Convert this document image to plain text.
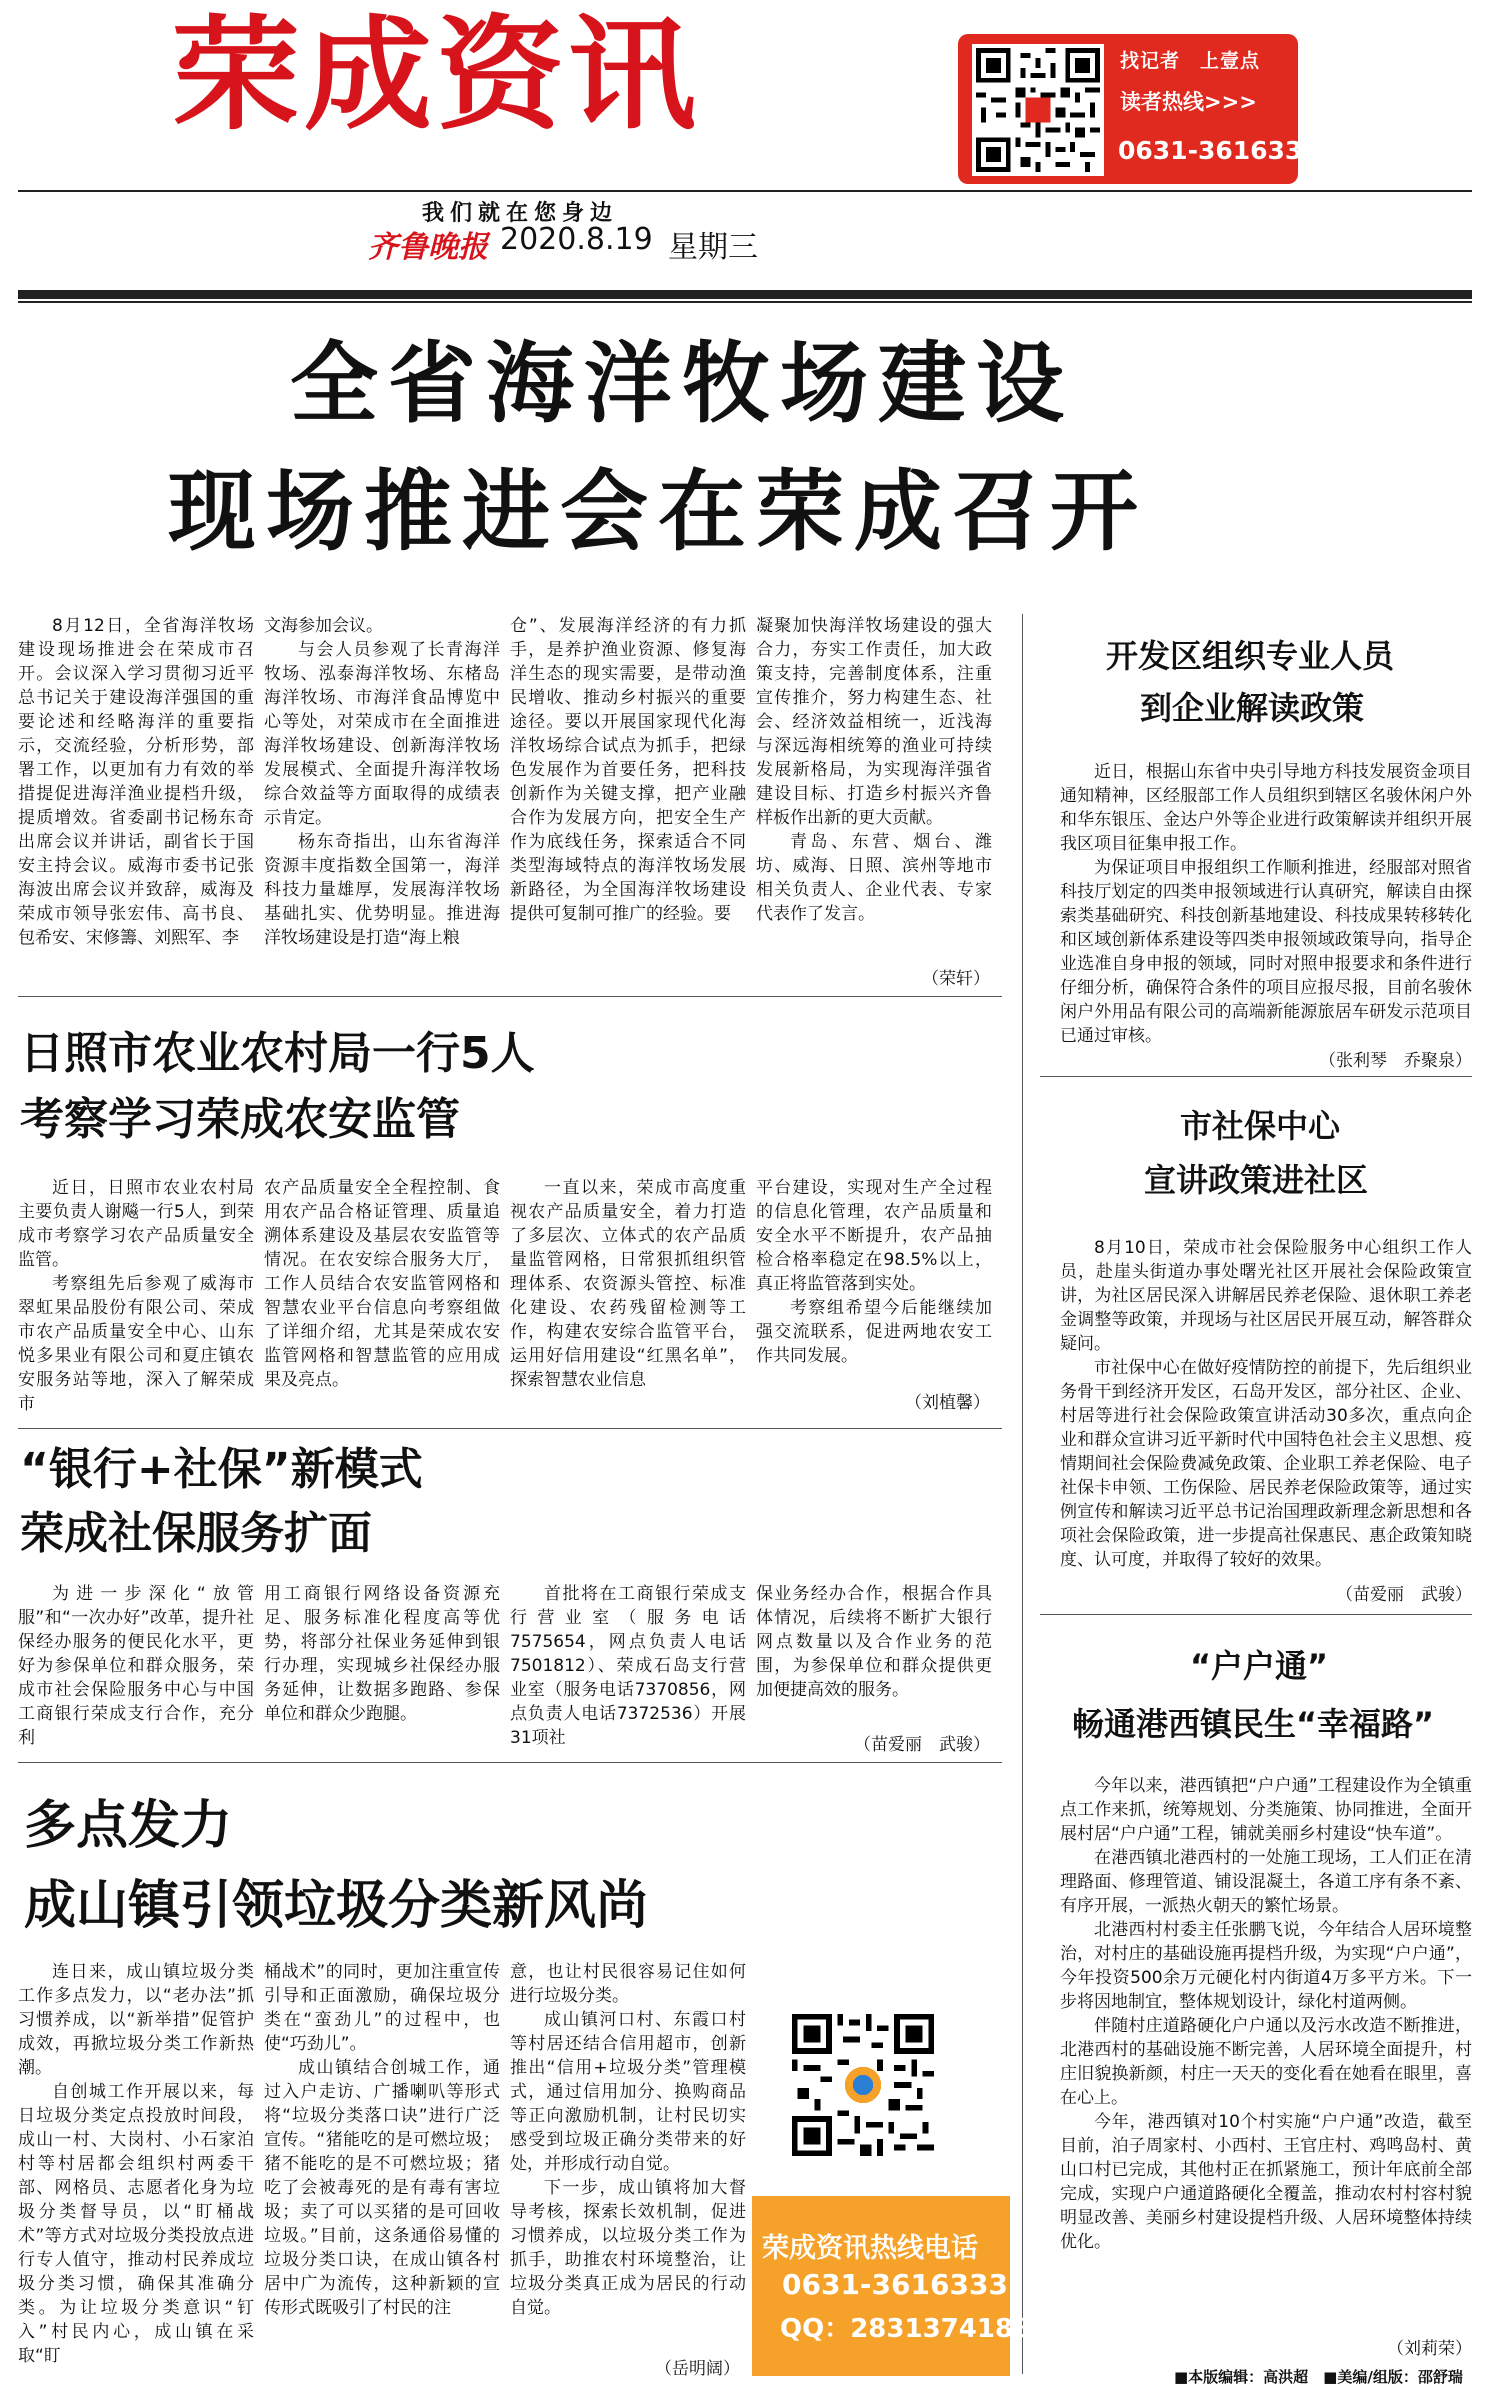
荣成资讯
我们就在您身边
齐鲁晚报 2020.8.19 星期三
找记者　上壹点
读者热线>>>
0631-3616333
全省海洋牧场建设
现场推进会在荣成召开

8月12日，全省海洋牧场建设现场推进会在荣成市召开。会议深入学习贯彻习近平总书记关于建设海洋强国的重要论述和经略海洋的重要指示，交流经验，分析形势，部署工作，以更加有力有效的举措提促进海洋渔业提档升级，提质增效。省委副书记杨东奇出席会议并讲话，副省长于国安主持会议。威海市委书记张海波出席会议并致辞，威海及荣成市领导张宏伟、高书良、包希安、宋修籌、刘熙军、李

文海参加会议。

与会人员参观了长青海洋牧场、泓泰海洋牧场、东楮岛海洋牧场、市海洋食品博览中心等处，对荣成市在全面推进海洋牧场建设、创新海洋牧场发展模式、全面提升海洋牧场综合效益等方面取得的成绩表示肯定。

杨东奇指出，山东省海洋资源丰度指数全国第一，海洋科技力量雄厚，发展海洋牧场基础扎实、优势明显。推进海洋牧场建设是打造“海上粮

仓”、发展海洋经济的有力抓手，是养护渔业资源、修复海洋生态的现实需要，是带动渔民增收、推动乡村振兴的重要途径。要以开展国家现代化海洋牧场综合试点为抓手，把绿色发展作为首要任务，把科技创新作为关键支撑，把产业融合作为发展方向，把安全生产作为底线任务，探索适合不同类型海域特点的海洋牧场发展新路径，为全国海洋牧场建设提供可复制可推广的经验。要

凝聚加快海洋牧场建设的强大合力，夯实工作责任，加大政策支持，完善制度体系，注重宣传推介，努力构建生态、社会、经济效益相统一，近浅海与深远海相统筹的渔业可持续发展新格局，为实现海洋强省建设目标、打造乡村振兴齐鲁样板作出新的更大贡献。

青岛、东营、烟台、潍坊、威海、日照、滨州等地市相关负责人、企业代表、专家代表作了发言。

（荣轩）
日照市农业农村局一行5人
考察学习荣成农安监管

近日，日照市农业农村局主要负责人谢飚一行5人，到荣成市考察学习农产品质量安全监管。

考察组先后参观了威海市翠虹果品股份有限公司、荣成市农产品质量安全中心、山东悦多果业有限公司和夏庄镇农安服务站等地，深入了解荣成市

农产品质量安全全程控制、食用农产品合格证管理、质量追溯体系建设及基层农安监管等情况。在农安综合服务大厅，工作人员结合农安监管网格和智慧农业平台信息向考察组做了详细介绍，尤其是荣成农安监管网格和智慧监管的应用成果及亮点。

一直以来，荣成市高度重视农产品质量安全，着力打造了多层次、立体式的农产品质量监管网格，日常狠抓组织管理体系、农资源头管控、标准化建设、农药残留检测等工作，构建农安综合监管平台，运用好信用建设“红黑名单”，探索智慧农业信息

平台建设，实现对生产全过程的信息化管理，农产品质量和安全水平不断提升，农产品抽检合格率稳定在98.5%以上，真正将监管落到实处。

考察组希望今后能继续加强交流联系，促进两地农安工作共同发展。

（刘植馨）
“银行+社保”新模式
荣成社保服务扩面

为进一步深化“放管服”和“一次办好”改革，提升社保经办服务的便民化水平，更好为参保单位和群众服务，荣成市社会保险服务中心与中国工商银行荣成支行合作，充分利

用工商银行网络设备资源充足、服务标准化程度高等优势，将部分社保业务延伸到银行办理，实现城乡社保经办服务延伸，让数据多跑路、参保单位和群众少跑腿。

首批将在工商银行荣成支行营业室（服务电话7575654，网点负责人电话7501812）、荣成石岛支行营业室（服务电话7370856，网点负责人电话7372536）开展31项社

保业务经办合作，根据合作具体情况，后续将不断扩大银行网点数量以及合作业务的范围，为参保单位和群众提供更加便捷高效的服务。

（苗爱丽　武骏）
多点发力
成山镇引领垃圾分类新风尚

连日来，成山镇垃圾分类工作多点发力，以“老办法”抓习惯养成，以“新举措”促管护成效，再掀垃圾分类工作新热潮。

自创城工作开展以来，每日垃圾分类定点投放时间段，成山一村、大岗村、小石家泊村等村居都会组织村两委干部、网格员、志愿者化身为垃圾分类督导员，以“盯桶战术”等方式对垃圾分类投放点进行专人值守，推动村民养成垃圾分类习惯，确保其准确分类。为让垃圾分类意识“钉入”村民内心，成山镇在采取“盯

桶战术”的同时，更加注重宣传引导和正面激励，确保垃圾分类在“蛮劲儿”的过程中，也使“巧劲儿”。

成山镇结合创城工作，通过入户走访、广播喇叭等形式将“垃圾分类落口诀”进行广泛宣传。“猪能吃的是可燃垃圾；猪不能吃的是不可燃垃圾；猪吃了会被毒死的是有毒有害垃圾；卖了可以买猪的是可回收垃圾。”目前，这条通俗易懂的垃圾分类口诀，在成山镇各村居中广为流传，这种新颖的宣传形式既吸引了村民的注

意，也让村民很容易记住如何进行垃圾分类。

成山镇河口村、东霞口村等村居还结合信用超市，创新推出“信用+垃圾分类”管理模式，通过信用加分、换购商品等正向激励机制，让村民切实感受到垃圾正确分类带来的好处，并形成行动自觉。

下一步，成山镇将加大督导考核，探索长效机制，促进习惯养成，以垃圾分类工作为抓手，助推农村环境整治，让垃圾分类真正成为居民的行动自觉。

（岳明阔）
荣成资讯热线电话
0631-3616333
QQ：2831374188
开发区组织专业人员
到企业解读政策

近日，根据山东省中央引导地方科技发展资金项目通知精神，区经服部工作人员组织到辖区名骏休闲户外和华东银压、金达户外等企业进行政策解读并组织开展我区项目征集申报工作。

为保证项目申报组织工作顺利推进，经服部对照省科技厅划定的四类申报领域进行认真研究，解读自由探索类基础研究、科技创新基地建设、科技成果转移转化和区域创新体系建设等四类申报领域政策导向，指导企业选准自身申报的领域，同时对照申报要求和条件进行仔细分析，确保符合条件的项目应报尽报，目前名骏休闲户外用品有限公司的高端新能源旅居车研发示范项目已通过审核。

（张利琴　乔聚泉）
市社保中心
宣讲政策进社区

8月10日，荣成市社会保险服务中心组织工作人员，赴崖头街道办事处曙光社区开展社会保险政策宣讲，为社区居民深入讲解居民养老保险、退休职工养老金调整等政策，并现场与社区居民开展互动，解答群众疑问。

市社保中心在做好疫情防控的前提下，先后组织业务骨干到经济开发区，石岛开发区，部分社区、企业、村居等进行社会保险政策宣讲活动30多次，重点向企业和群众宣讲习近平新时代中国特色社会主义思想、疫情期间社会保险费减免政策、企业职工养老保险、电子社保卡申领、工伤保险、居民养老保险政策等，通过实例宣传和解读习近平总书记治国理政新理念新思想和各项社会保险政策，进一步提高社保惠民、惠企政策知晓度、认可度，并取得了较好的效果。

（苗爱丽　武骏）
“户户通”
畅通港西镇民生“幸福路”

今年以来，港西镇把“户户通”工程建设作为全镇重点工作来抓，统筹规划、分类施策、协同推进，全面开展村居“户户通”工程，铺就美丽乡村建设“快车道”。

在港西镇北港西村的一处施工现场，工人们正在清理路面、修理管道、铺设混凝土，各道工序有条不紊、有序开展，一派热火朝天的繁忙场景。

北港西村村委主任张鹏飞说，今年结合人居环境整治，对村庄的基础设施再提档升级，为实现“户户通”，今年投资500余万元硬化村内街道4万多平方米。下一步将因地制宜，整体规划设计，绿化村道两侧。

伴随村庄道路硬化户户通以及污水改造不断推进，北港西村的基础设施不断完善，人居环境全面提升，村庄旧貌换新颜，村庄一天天的变化看在她看在眼里，喜在心上。

今年，港西镇对10个村实施“户户通”改造，截至目前，泊子周家村、小西村、王官庄村、鸡鸣岛村、黄山口村已完成，其他村正在抓紧施工，预计年底前全部完成，实现户户通道路硬化全覆盖，推动农村村容村貌明显改善、美丽乡村建设提档升级、人居环境整体持续优化。

（刘莉荣）
■本版编辑：高洪超　■美编/组版：邵舒瑞
